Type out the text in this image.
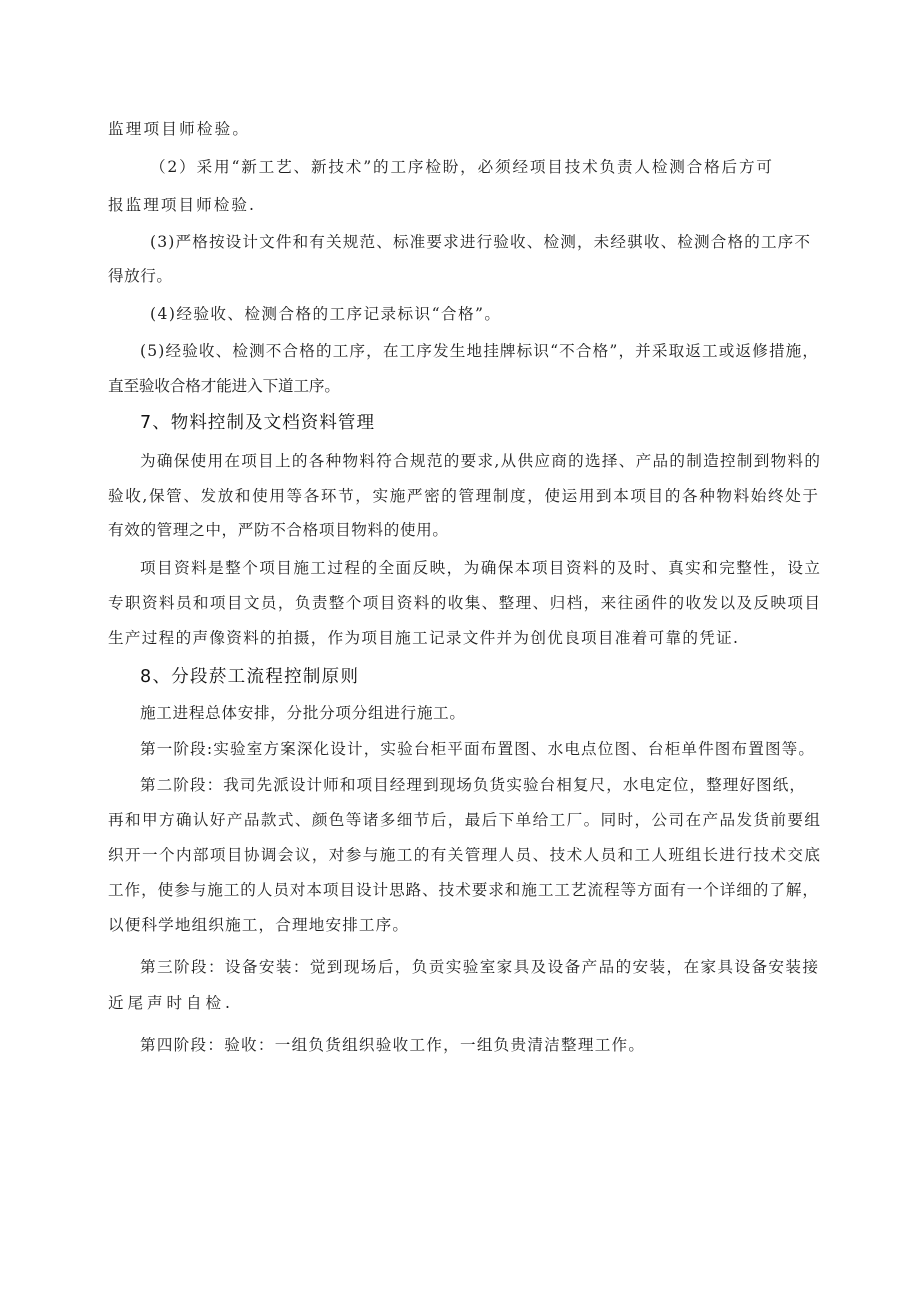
监理项目师检验。
（2）采用“新工艺、新技术”的工序检盼，必须经项目技术负责人检测合格后方可
报监理项目师检验.
(3)严格按设计文件和有关规范、标准要求进行验收、检测，未经骐收、检测合格的工序不
得放行。
(4)经验收、检测合格的工序记录标识“合格”。
(5)经验收、检测不合格的工序，在工序发生地挂牌标识“不合格”，并采取返工或返修措施，
直至验收合格才能进入下道工序。
7、物料控制及文档资料管理
为确保使用在项目上的各种物料符合规范的要求,从供应商的选择、产品的制造控制到物料的
验收,保管、发放和使用等各环节，实施严密的管理制度，使运用到本项目的各种物料始终处于
有效的管理之中，严防不合格项目物料的使用。
项目资料是整个项目施工过程的全面反映，为确保本项目资料的及时、真实和完整性，设立
专职资料员和项目文员，负责整个项目资料的收集、整理、归档，来往函件的收发以及反映项目
生产过程的声像资料的拍摄，作为项目施工记录文件并为创优良项目准着可靠的凭证.
8、分段菸工流程控制原则
施工进程总体安排，分批分项分组进行施工。
第一阶段:实验室方案深化设计，实验台柜平面布置图、水电点位图、台柜单件图布置图等。
第二阶段：我司先派设计师和项目经理到现场负货实验台相复尺，水电定位，整理好图纸，
再和甲方确认好产品款式、颜色等诸多细节后，最后下单给工厂。同时，公司在产品发货前要组
织开一个内部项目协调会议，对参与施工的有关管理人员、技术人员和工人班组长进行技术交底
工作，使参与施工的人员对本项目设计思路、技术要求和施工工艺流程等方面有一个详细的了解，
以便科学地组织施工，合理地安排工序。
第三阶段：设备安装：觉到现场后，负贡实验室家具及设备产品的安装，在家具设备安装接
近尾声时自检.
第四阶段：验收：一组负货组织验收工作，一组负贵清洁整理工作。
